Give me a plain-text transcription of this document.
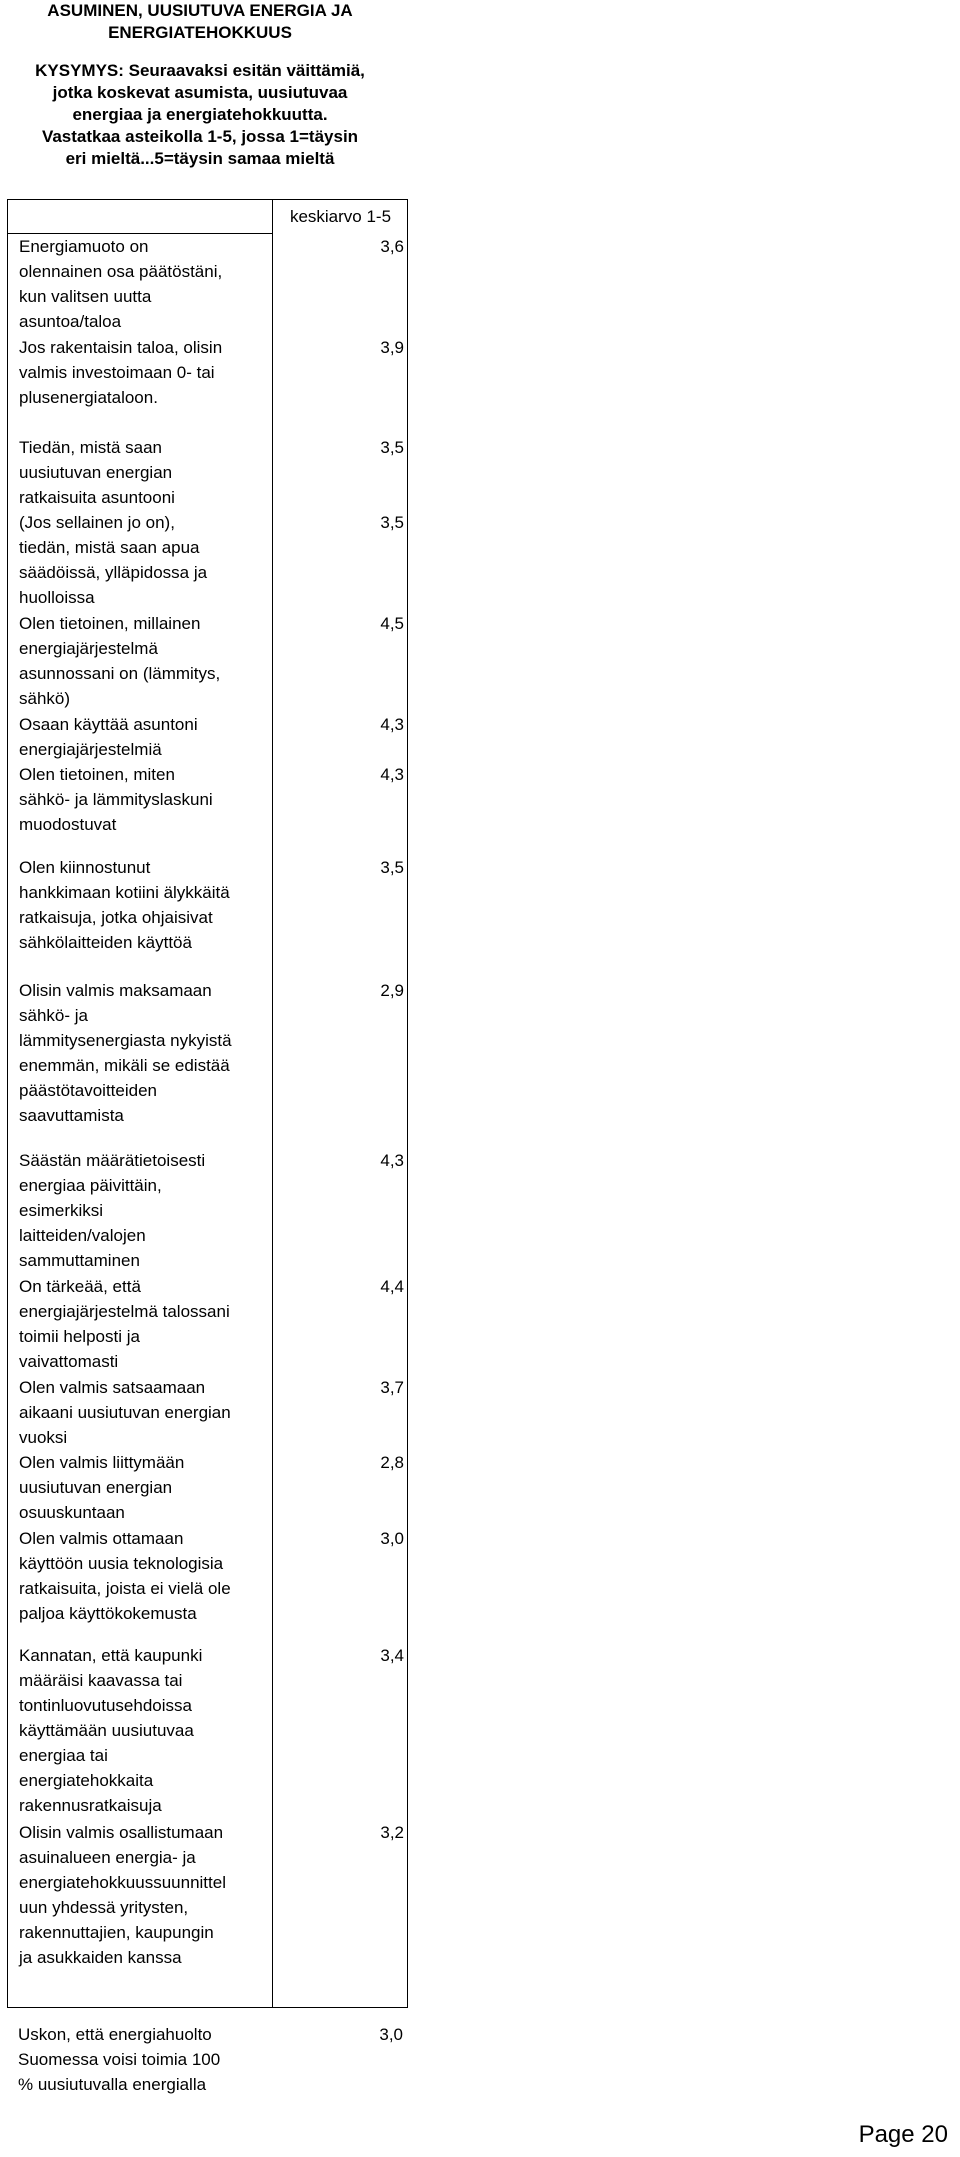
ASUMINEN, UUSIUTUVA ENERGIA JA
ENERGIATEHOKKUUS
KYSYMYS: Seuraavaksi esitän väittämiä,
jotka koskevat asumista, uusiutuvaa
energiaa ja energiatehokkuutta.
Vastatkaa asteikolla 1-5, jossa 1=täysin
eri mieltä...5=täysin samaa mieltä
keskiarvo 1-5
Energiamuoto on
olennainen osa päätöstäni,
kun valitsen uutta
asuntoa/taloa
3,6
Jos rakentaisin taloa, olisin
valmis investoimaan 0- tai
plusenergiataloon.
3,9
Tiedän, mistä saan
uusiutuvan energian
ratkaisuita asuntooni
3,5
(Jos sellainen jo on),
tiedän, mistä saan apua
säädöissä, ylläpidossa ja
huolloissa
3,5
Olen tietoinen, millainen
energiajärjestelmä
asunnossani on (lämmitys,
sähkö)
4,5
Osaan käyttää asuntoni
energiajärjestelmiä
4,3
Olen tietoinen, miten
sähkö- ja lämmityslaskuni
muodostuvat
4,3
Olen kiinnostunut
hankkimaan kotiini älykkäitä
ratkaisuja, jotka ohjaisivat
sähkölaitteiden käyttöä
3,5
Olisin valmis maksamaan
sähkö- ja
lämmitysenergiasta nykyistä
enemmän, mikäli se edistää
päästötavoitteiden
saavuttamista
2,9
Säästän määrätietoisesti
energiaa päivittäin,
esimerkiksi
laitteiden/valojen
sammuttaminen
4,3
On tärkeää, että
energiajärjestelmä talossani
toimii helposti ja
vaivattomasti
4,4
Olen valmis satsaamaan
aikaani uusiutuvan energian
vuoksi
3,7
Olen valmis liittymään
uusiutuvan energian
osuuskuntaan
2,8
Olen valmis ottamaan
käyttöön uusia teknologisia
ratkaisuita, joista ei vielä ole
paljoa käyttökokemusta
3,0
Kannatan, että kaupunki
määräisi kaavassa tai
tontinluovutusehdoissa
käyttämään uusiutuvaa
energiaa tai
energiatehokkaita
rakennusratkaisuja
3,4
Olisin valmis osallistumaan
asuinalueen energia- ja
energiatehokkuussuunnittel
uun yhdessä yritysten,
rakennuttajien, kaupungin
ja asukkaiden kanssa
3,2
Uskon, että energiahuolto
Suomessa voisi toimia 100
% uusiutuvalla energialla
3,0
Page 20
